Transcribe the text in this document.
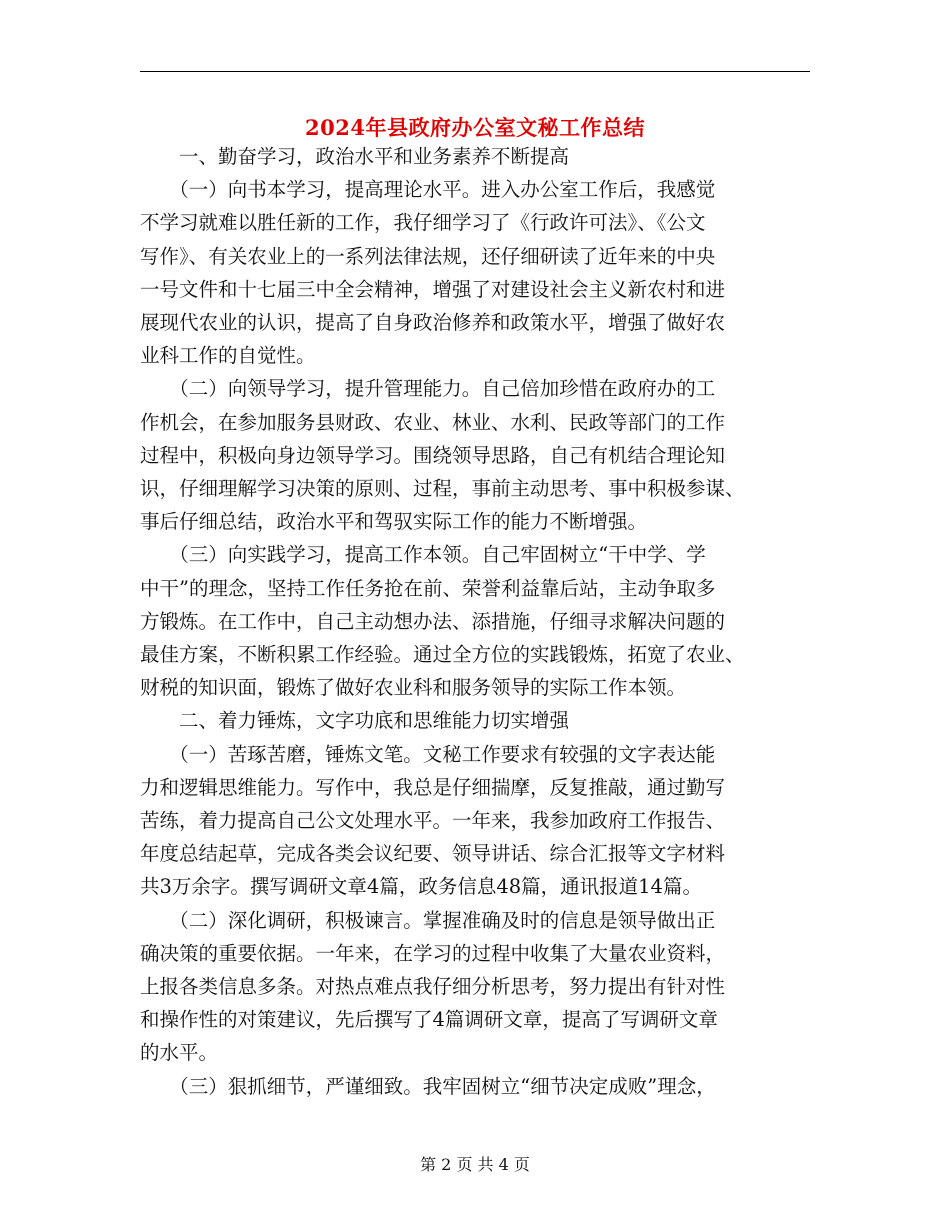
2024年县政府办公室文秘工作总结

　　一、勤奋学习，政治水平和业务素养不断提高

　　（一）向书本学习，提高理论水平。进入办公室工作后，我感觉
不学习就难以胜任新的工作，我仔细学习了《行政许可法》、《公文
写作》、有关农业上的一系列法律法规，还仔细研读了近年来的中央
一号文件和十七届三中全会精神，增强了对建设社会主义新农村和进
展现代农业的认识，提高了自身政治修养和政策水平，增强了做好农
业科工作的自觉性。

　　（二）向领导学习，提升管理能力。自己倍加珍惜在政府办的工
作机会，在参加服务县财政、农业、林业、水利、民政等部门的工作
过程中，积极向身边领导学习。围绕领导思路，自己有机结合理论知
识，仔细理解学习决策的原则、过程，事前主动思考、事中积极参谋、
事后仔细总结，政治水平和驾驭实际工作的能力不断增强。

　　（三）向实践学习，提高工作本领。自己牢固树立“干中学、学
中干”的理念，坚持工作任务抢在前、荣誉利益靠后站，主动争取多
方锻炼。在工作中，自己主动想办法、添措施，仔细寻求解决问题的
最佳方案，不断积累工作经验。通过全方位的实践锻炼，拓宽了农业、
财税的知识面，锻炼了做好农业科和服务领导的实际工作本领。

　　二、着力锤炼，文字功底和思维能力切实增强

　　（一）苦琢苦磨，锤炼文笔。文秘工作要求有较强的文字表达能
力和逻辑思维能力。写作中，我总是仔细揣摩，反复推敲，通过勤写
苦练，着力提高自己公文处理水平。一年来，我参加政府工作报告、
年度总结起草，完成各类会议纪要、领导讲话、综合汇报等文字材料
共3万余字。撰写调研文章4篇，政务信息48篇，通讯报道14篇。

　　（二）深化调研，积极谏言。掌握准确及时的信息是领导做出正
确决策的重要依据。一年来，在学习的过程中收集了大量农业资料，
上报各类信息多条。对热点难点我仔细分析思考，努力提出有针对性
和操作性的对策建议，先后撰写了4篇调研文章，提高了写调研文章
的水平。

　　（三）狠抓细节，严谨细致。我牢固树立“细节决定成败”理念，

第 2 页 共 4 页
